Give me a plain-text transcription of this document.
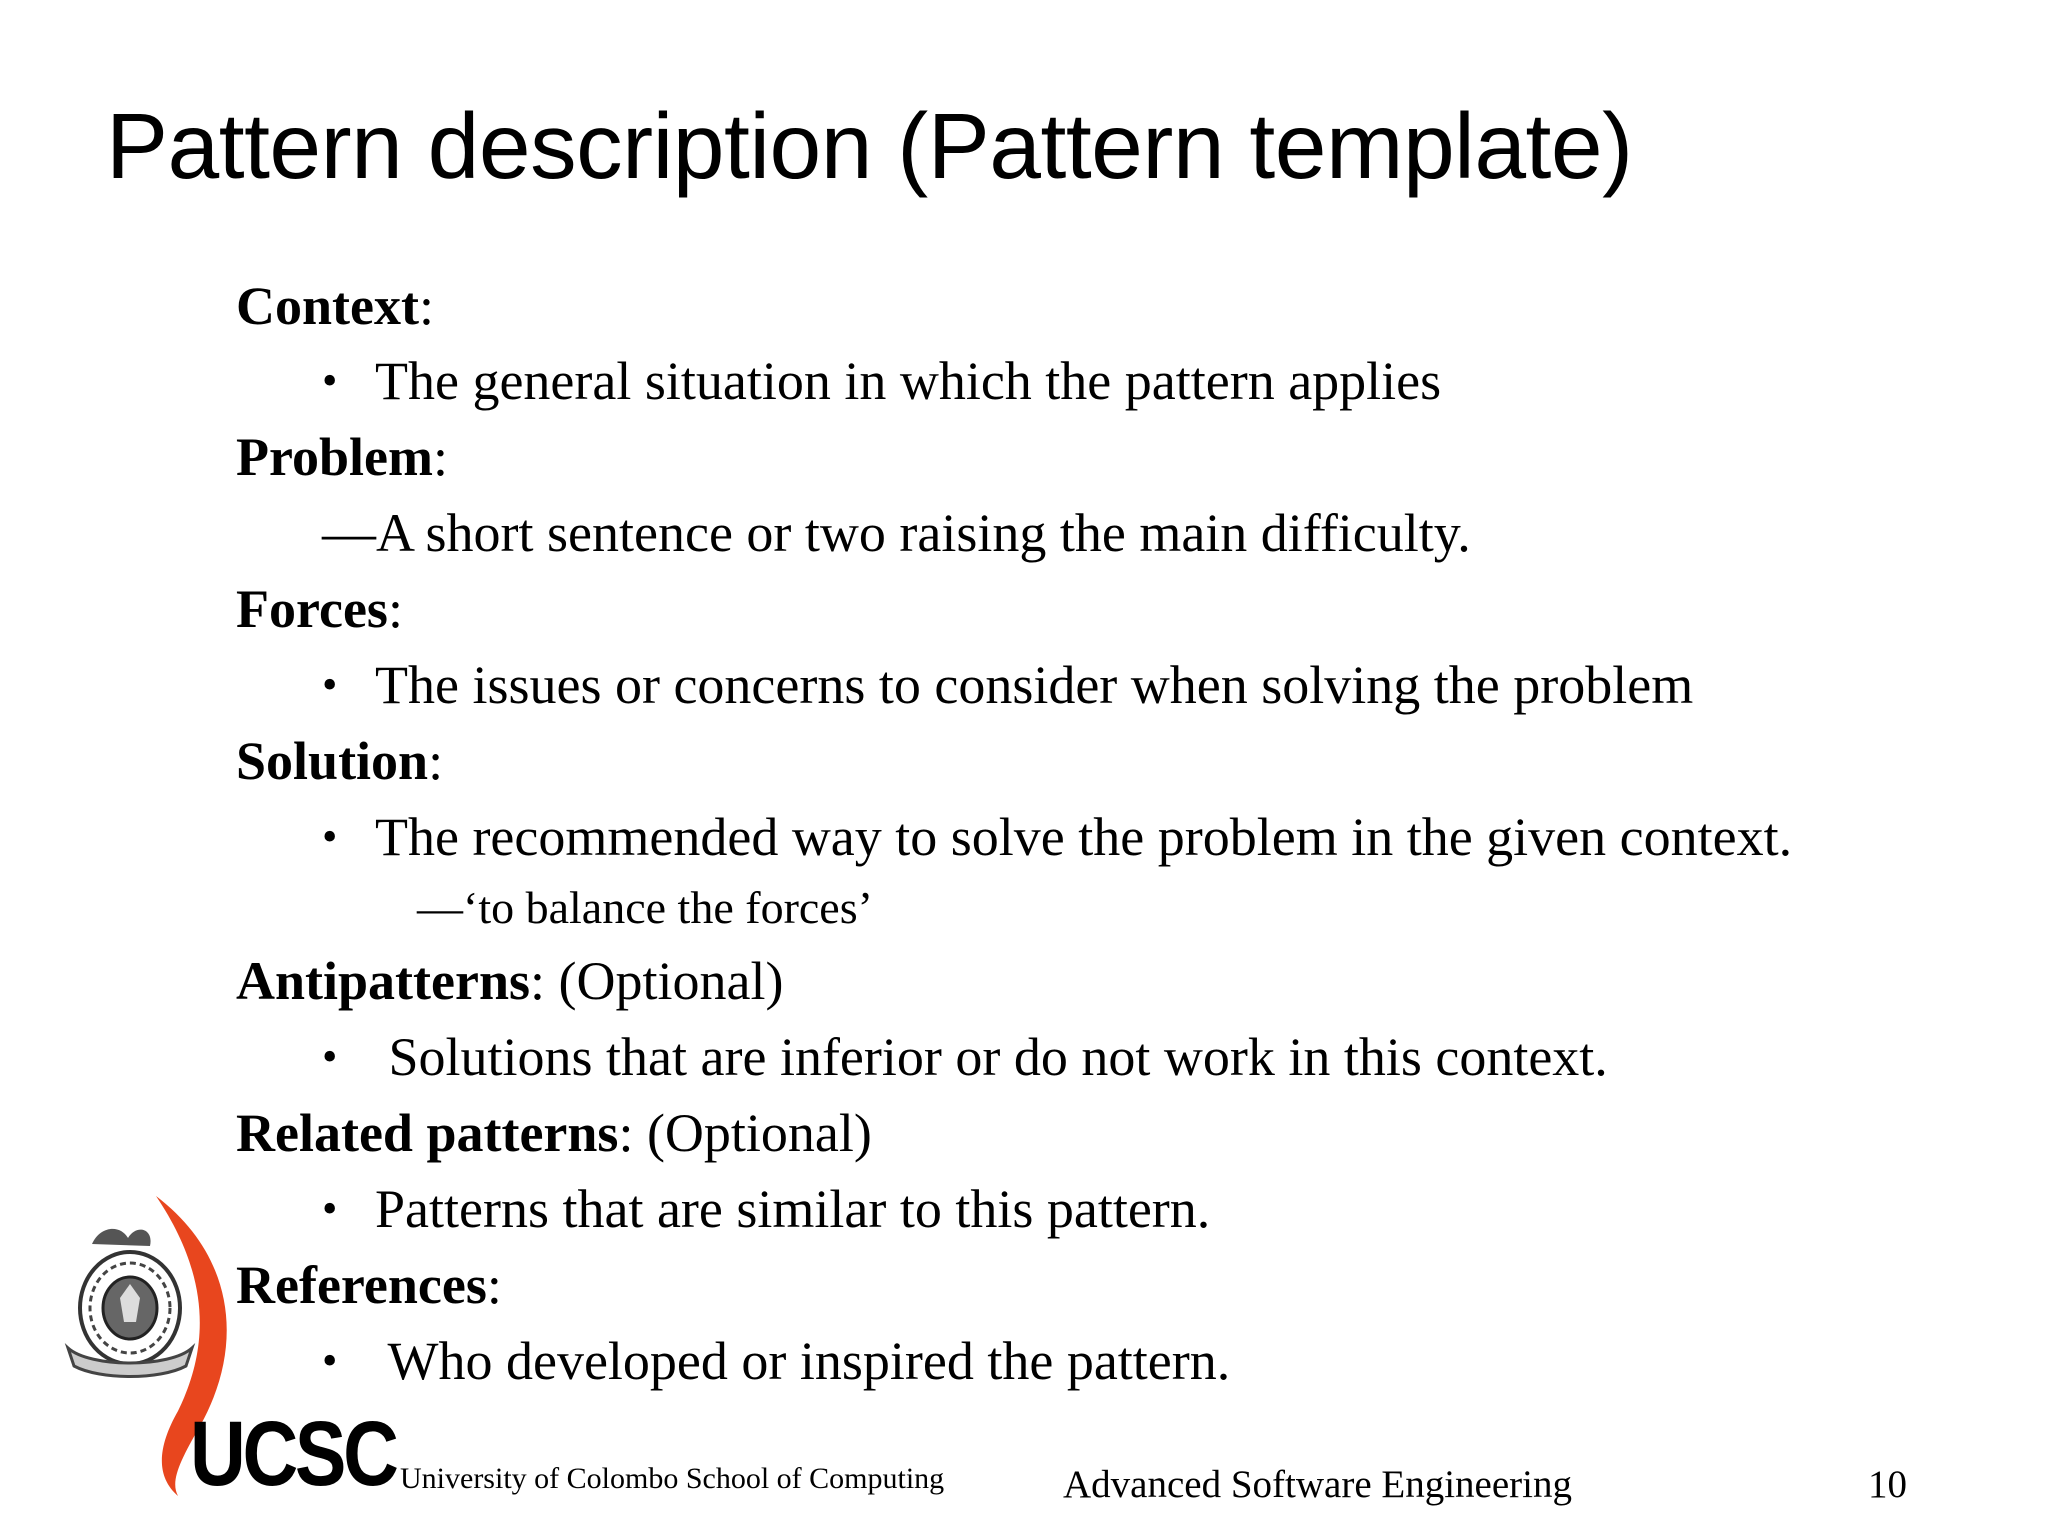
Pattern description (Pattern template)
Context:
• The general situation in which the pattern applies
Problem:
—A short sentence or two raising the main difficulty.
Forces:
• The issues or concerns to consider when solving the problem
Solution:
• The recommended way to solve the problem in the given context.
—‘to balance the forces’
Antipatterns: (Optional)
• Solutions that are inferior or do not work in this context.
Related patterns: (Optional)
• Patterns that are similar to this pattern.
References:
• Who developed or inspired the pattern.
UCSC University of Colombo School of Computing	Advanced Software Engineering	10
